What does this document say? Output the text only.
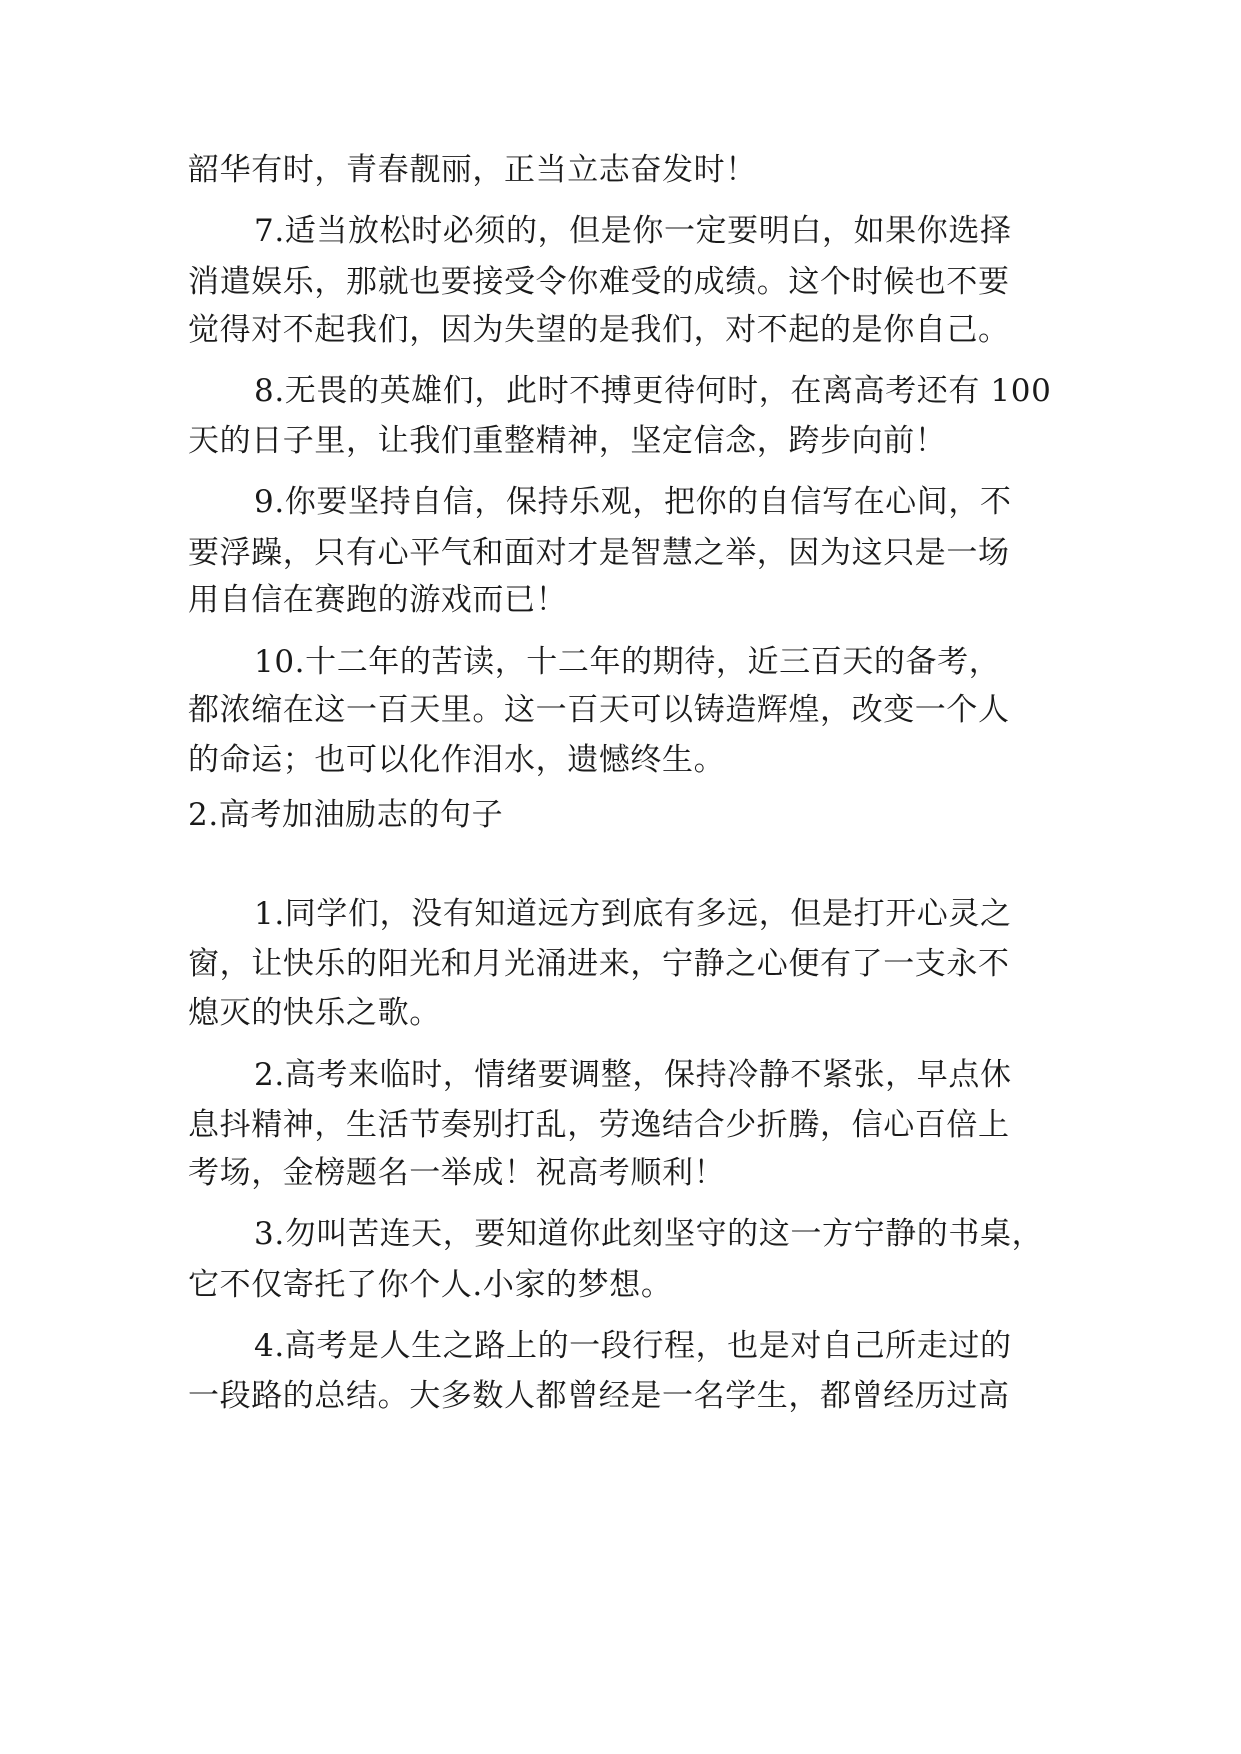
韶华有时，青春靓丽，正当立志奋发时！
7.适当放松时必须的，但是你一定要明白，如果你选择
消遣娱乐，那就也要接受令你难受的成绩。这个时候也不要
觉得对不起我们，因为失望的是我们，对不起的是你自己。
8.无畏的英雄们，此时不搏更待何时，在离高考还有 100
天的日子里，让我们重整精神，坚定信念，跨步向前！
9.你要坚持自信，保持乐观，把你的自信写在心间，不
要浮躁，只有心平气和面对才是智慧之举，因为这只是一场
用自信在赛跑的游戏而已！
10.十二年的苦读，十二年的期待，近三百天的备考，
都浓缩在这一百天里。这一百天可以铸造辉煌，改变一个人
的命运；也可以化作泪水，遗憾终生。
2.高考加油励志的句子
1.同学们，没有知道远方到底有多远，但是打开心灵之
窗，让快乐的阳光和月光涌进来，宁静之心便有了一支永不
熄灭的快乐之歌。
2.高考来临时，情绪要调整，保持冷静不紧张，早点休
息抖精神，生活节奏别打乱，劳逸结合少折腾，信心百倍上
考场，金榜题名一举成！祝高考顺利！
3.勿叫苦连天，要知道你此刻坚守的这一方宁静的书桌，
它不仅寄托了你个人.小家的梦想。
4.高考是人生之路上的一段行程，也是对自己所走过的
一段路的总结。大多数人都曾经是一名学生，都曾经历过高
